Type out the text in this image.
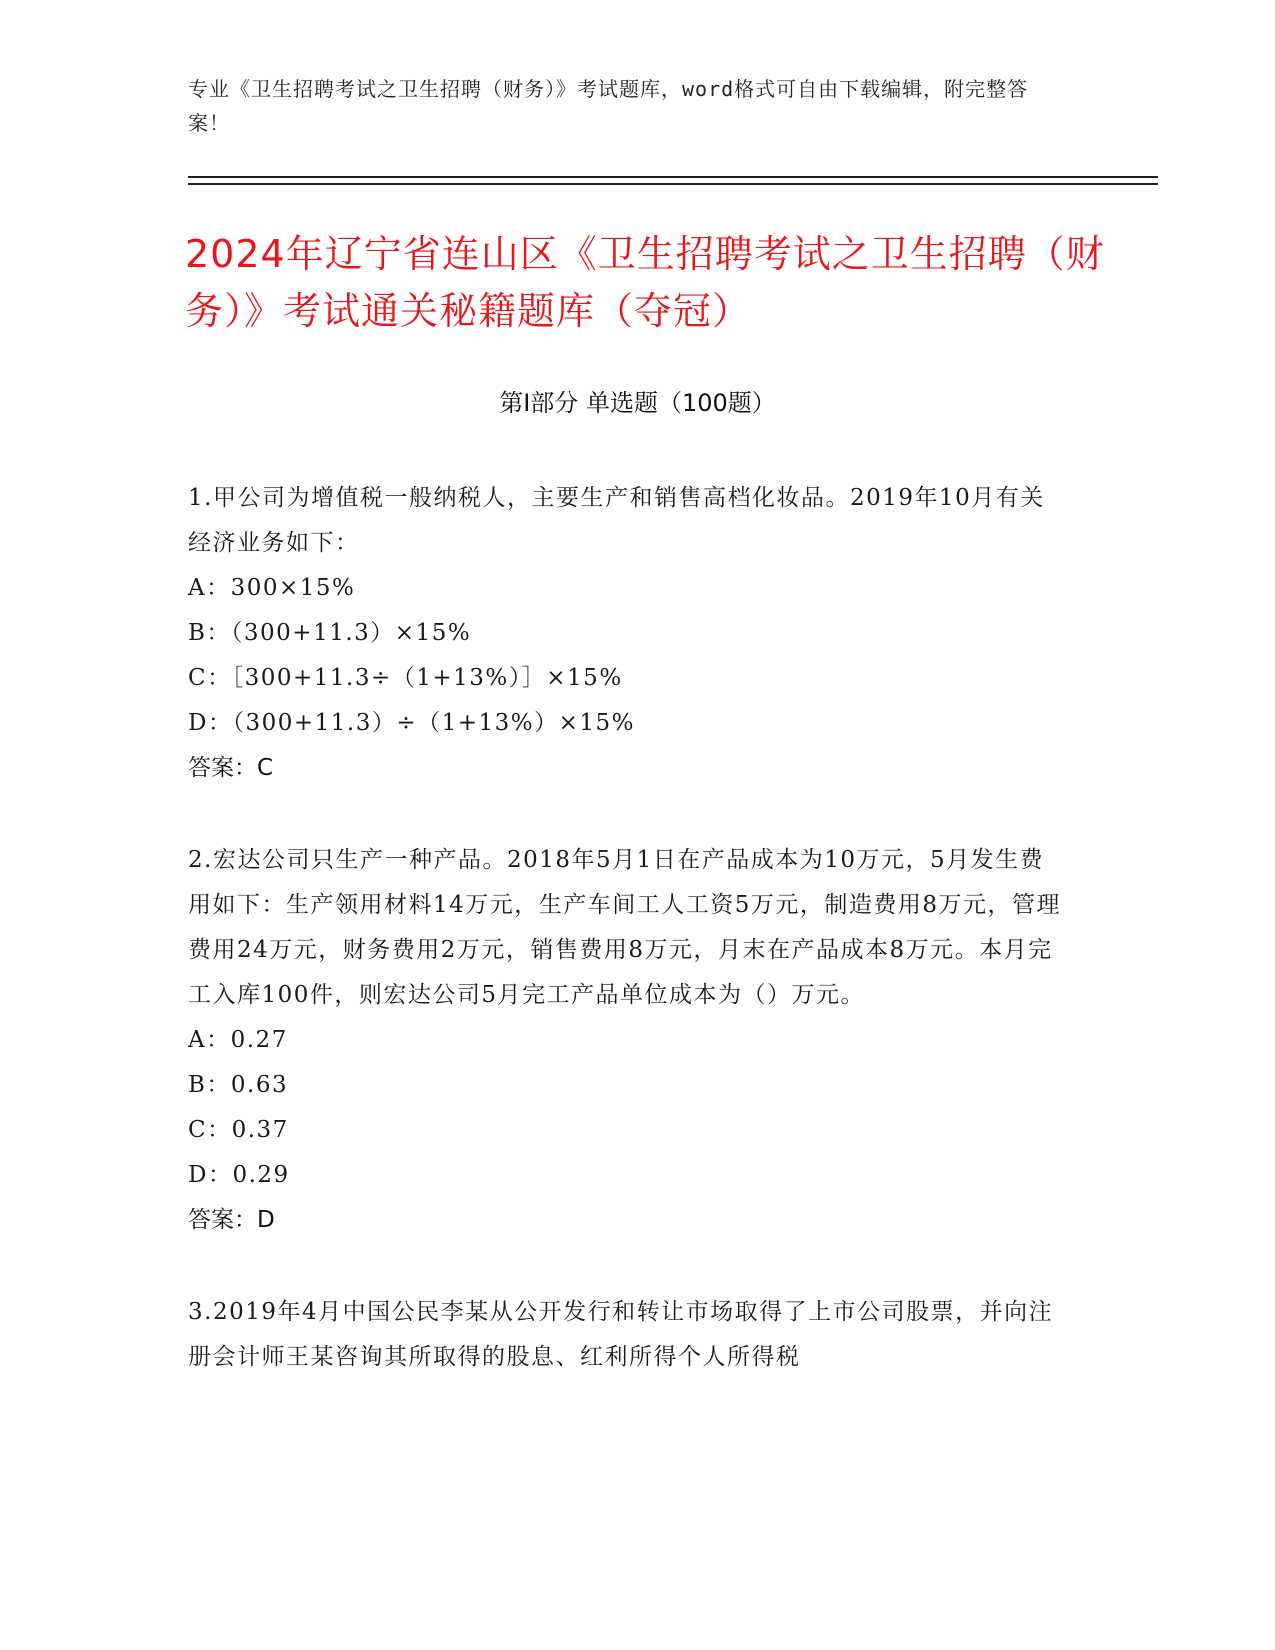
专业《卫生招聘考试之卫生招聘（财务）》考试题库，word格式可自由下载编辑，附完整答案！
2024年辽宁省连山区《卫生招聘考试之卫生招聘（财务）》考试通关秘籍题库（夺冠）
第I部分 单选题（100题）
1.甲公司为增值税一般纳税人，主要生产和销售高档化妆品。2019年10月有关经济业务如下：
A：300×15%
B：（300+11.3）×15%
C：［300+11.3÷（1+13%）］×15%
D：（300+11.3）÷（1+13%）×15%
答案：C
2.宏达公司只生产一种产品。2018年5月1日在产品成本为10万元，5月发生费用如下：生产领用材料14万元，生产车间工人工资5万元，制造费用8万元，管理费用24万元，财务费用2万元，销售费用8万元，月末在产品成本8万元。本月完工入库100件，则宏达公司5月完工产品单位成本为（）万元。
A：0.27
B：0.63
C：0.37
D：0.29
答案：D
3.2019年4月中国公民李某从公开发行和转让市场取得了上市公司股票，并向注册会计师王某咨询其所取得的股息、红利所得个人所得税
